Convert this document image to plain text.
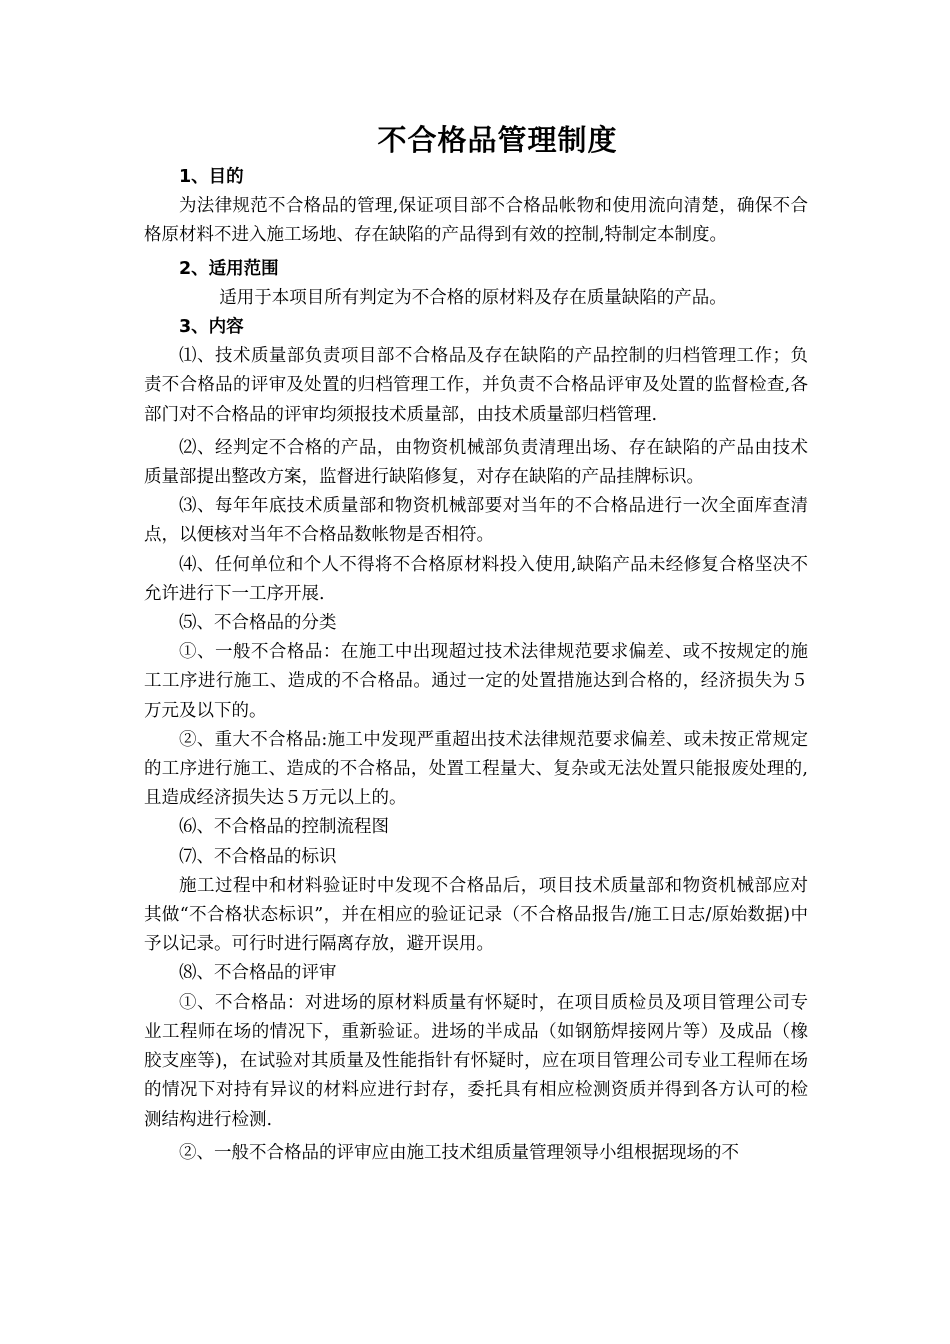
不合格品管理制度

1、目的

为法律规范不合格品的管理,保证项目部不合格品帐物和使用流向清楚，确保不合格原材料不进入施工场地、存在缺陷的产品得到有效的控制,特制定本制度。

2、适用范围

适用于本项目所有判定为不合格的原材料及存在质量缺陷的产品。

3、内容

⑴、技术质量部负责项目部不合格品及存在缺陷的产品控制的归档管理工作；负责不合格品的评审及处置的归档管理工作，并负责不合格品评审及处置的监督检查,各部门对不合格品的评审均须报技术质量部，由技术质量部归档管理.

⑵、经判定不合格的产品，由物资机械部负责清理出场、存在缺陷的产品由技术质量部提出整改方案，监督进行缺陷修复，对存在缺陷的产品挂牌标识。

⑶、每年年底技术质量部和物资机械部要对当年的不合格品进行一次全面库查清点，以便核对当年不合格品数帐物是否相符。

⑷、任何单位和个人不得将不合格原材料投入使用,缺陷产品未经修复合格坚决不允许进行下一工序开展.

⑸、不合格品的分类

①、一般不合格品：在施工中出现超过技术法律规范要求偏差、或不按规定的施工工序进行施工、造成的不合格品。通过一定的处置措施达到合格的，经济损失为５万元及以下的。

②、重大不合格品:施工中发现严重超出技术法律规范要求偏差、或未按正常规定的工序进行施工、造成的不合格品，处置工程量大、复杂或无法处置只能报废处理的,且造成经济损失达５万元以上的。

⑹、不合格品的控制流程图

⑺、不合格品的标识

施工过程中和材料验证时中发现不合格品后，项目技术质量部和物资机械部应对其做“不合格状态标识”，并在相应的验证记录（不合格品报告/施工日志/原始数据)中予以记录。可行时进行隔离存放，避开误用。

⑻、不合格品的评审

①、不合格品：对进场的原材料质量有怀疑时，在项目质检员及项目管理公司专业工程师在场的情况下，重新验证。进场的半成品（如钢筋焊接网片等）及成品（橡胶支座等)，在试验对其质量及性能指针有怀疑时，应在项目管理公司专业工程师在场的情况下对持有异议的材料应进行封存，委托具有相应检测资质并得到各方认可的检测结构进行检测.

②、一般不合格品的评审应由施工技术组质量管理领导小组根据现场的不
